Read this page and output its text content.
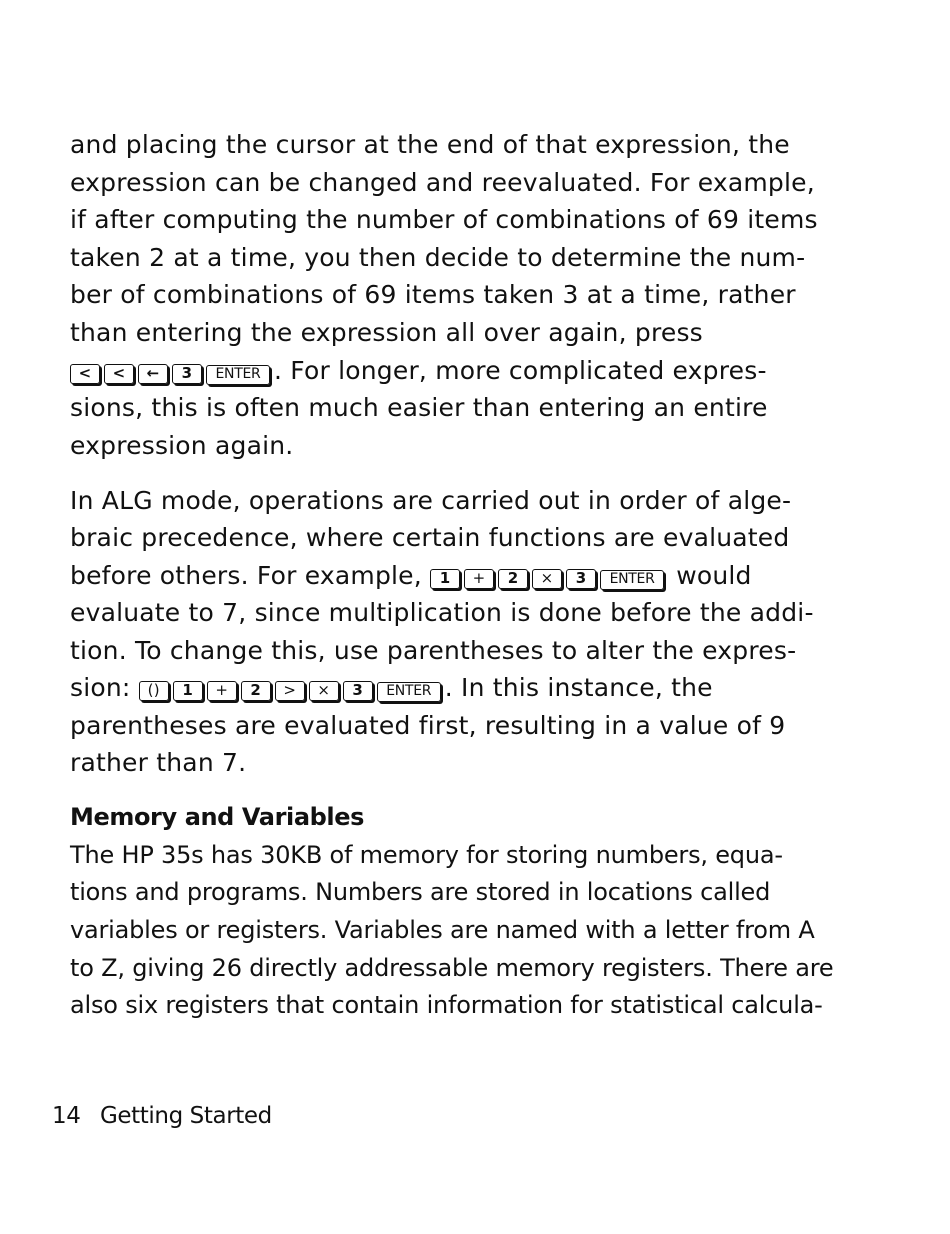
and placing the cursor at the end of that expression, the
expression can be changed and reevaluated. For example,
if after computing the number of combinations of 69 items
taken 2 at a time, you then decide to determine the num-
ber of combinations of 69 items taken 3 at a time, rather
than entering the expression all over again, press
< < ← 3 ENTER . For longer, more complicated expres-
sions, this is often much easier than entering an entire
expression again.
In ALG mode, operations are carried out in order of alge-
braic precedence, where certain functions are evaluated
before others. For example, 1 + 2 × 3 ENTER would
evaluate to 7, since multiplication is done before the addi-
tion. To change this, use parentheses to alter the expres-
sion: () 1 + 2 > × 3 ENTER . In this instance, the
parentheses are evaluated first, resulting in a value of 9
rather than 7.
Memory and Variables
The HP 35s has 30KB of memory for storing numbers, equa-
tions and programs. Numbers are stored in locations called
variables or registers. Variables are named with a letter from A
to Z, giving 26 directly addressable memory registers. There are
also six registers that contain information for statistical calcula-
14 Getting Started
